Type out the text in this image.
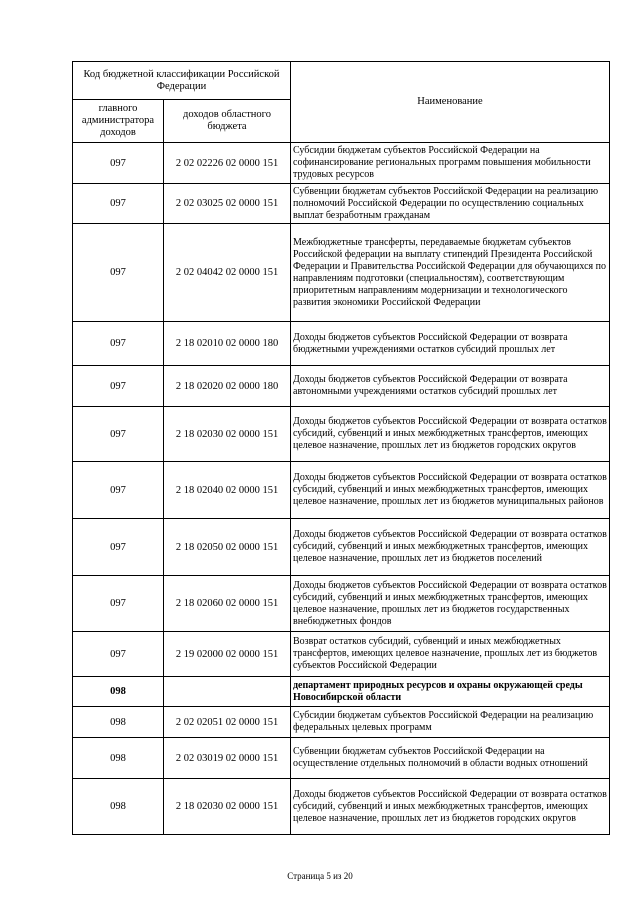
Код бюджетной классификации Российской Федерации		Наименование
главного администратора доходов	доходов областного бюджета	
097	2 02 02226 02 0000 151	Субсидии бюджетам субъектов Российской Федерации на софинансирование региональных программ повышения мобильности трудовых ресурсов
097	2 02 03025 02 0000 151	Субвенции бюджетам субъектов Российской Федерации на реализацию полномочий Российской Федерации по осуществлению социальных выплат безработным гражданам
097	2 02 04042 02 0000 151	Межбюджетные трансферты, передаваемые бюджетам субъектов Российской федерации на выплату стипендий Президента Российской Федерации и Правительства Российской Федерации для обучающихся по направлениям подготовки (специальностям), соответствующим приоритетным направлениям модернизации и технологического развития экономики Российской Федерации
097	2 18 02010 02 0000 180	Доходы бюджетов субъектов Российской Федерации от возврата бюджетными учреждениями остатков субсидий прошлых лет
097	2 18 02020 02 0000 180	Доходы бюджетов субъектов Российской Федерации от возврата автономными учреждениями остатков субсидий прошлых лет
097	2 18 02030 02 0000 151	Доходы бюджетов субъектов Российской Федерации от возврата остатков субсидий, субвенций и иных межбюджетных трансфертов, имеющих целевое назначение, прошлых лет из бюджетов городских округов
097	2 18 02040 02 0000 151	Доходы бюджетов субъектов Российской Федерации от возврата остатков субсидий, субвенций и иных межбюджетных трансфертов, имеющих целевое назначение, прошлых лет из бюджетов муниципальных районов
097	2 18 02050 02 0000 151	Доходы бюджетов субъектов Российской Федерации от возврата остатков субсидий, субвенций и иных межбюджетных трансфертов, имеющих целевое назначение, прошлых лет из бюджетов поселений
097	2 18 02060 02 0000 151	Доходы бюджетов субъектов Российской Федерации от возврата остатков субсидий, субвенций и иных межбюджетных трансфертов, имеющих целевое назначение, прошлых лет из бюджетов государственных внебюджетных фондов
097	2 19 02000 02 0000 151	Возврат остатков субсидий, субвенций и иных межбюджетных трансфертов, имеющих целевое назначение, прошлых лет из бюджетов субъектов Российской Федерации
098		департамент природных ресурсов и охраны окружающей среды Новосибирской области
098	2 02 02051 02 0000 151	Субсидии бюджетам субъектов Российской Федерации на реализацию федеральных целевых программ
098	2 02 03019 02 0000 151	Субвенции бюджетам субъектов Российской Федерации на осуществление отдельных полномочий в области водных отношений
098	2 18 02030 02 0000 151	Доходы бюджетов субъектов Российской Федерации от возврата остатков субсидий, субвенций и иных межбюджетных трансфертов, имеющих целевое назначение, прошлых лет из бюджетов городских округов
Страница 5 из 20
